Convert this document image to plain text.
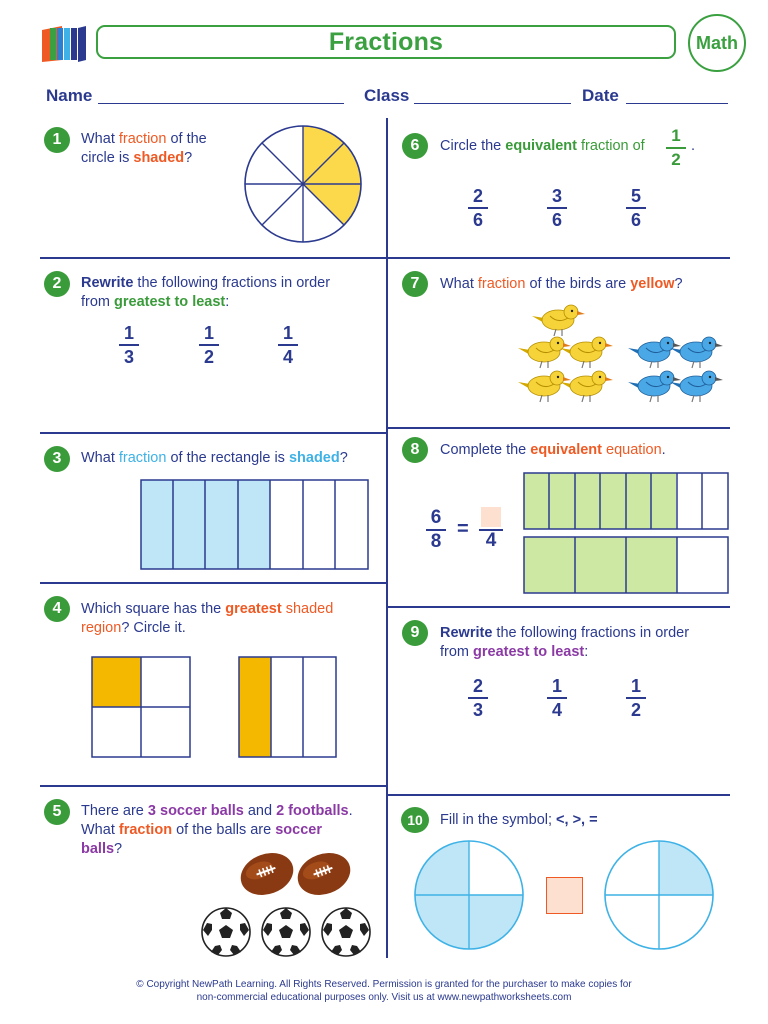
Fractions	Math
Name	Class	Date
1	What fraction of the
circle is shaded?
2	Rewrite the following fractions in order
from greatest to least:
1
3
1
2
1
4
3	What fraction of the rectangle is shaded?
4	Which square has the greatest shaded
region? Circle it.
5	There are 3 soccer balls and 2 footballs.
What fraction of the balls are soccer
balls?
6	Circle the equivalent fraction of
1
2
.
2
6
3
6
5
6
7	What fraction of the birds are yellow?
8	Complete the equivalent equation.
6
8
=
4
9	Rewrite the following fractions in order
from greatest to least:
2
3
1
4
1
2
10	Fill in the symbol; <, >, =
© Copyright NewPath Learning. All Rights Reserved. Permission is granted for the purchaser to make copies for
non-commercial educational purposes only. Visit us at www.newpathworksheets.com
